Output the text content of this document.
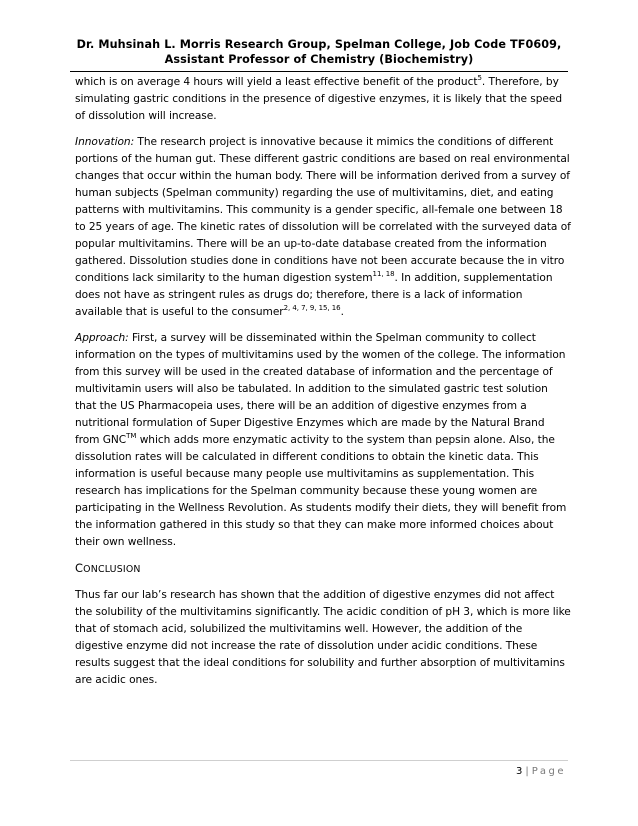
Dr. Muhsinah L. Morris Research Group, Spelman College, Job Code TF0609,
Assistant Professor of Chemistry (Biochemistry)

which is on average 4 hours will yield a least effective benefit of the product$^5$. Therefore, by simulating gastric conditions in the presence of digestive enzymes, it is likely that the speed of dissolution will increase.

Innovation: The research project is innovative because it mimics the conditions of different portions of the human gut. These different gastric conditions are based on real environmental changes that occur within the human body. There will be information derived from a survey of human subjects (Spelman community) regarding the use of multivitamins, diet, and eating patterns with multivitamins. This community is a gender specific, all-female one between 18 to 25 years of age. The kinetic rates of dissolution will be correlated with the surveyed data of popular multivitamins. There will be an up-to-date database created from the information gathered. Dissolution studies done in conditions have not been accurate because the in vitro conditions lack similarity to the human digestion system$^{11, 18}$. In addition, supplementation does not have as stringent rules as drugs do; therefore, there is a lack of information available that is useful to the consumer$^{2, 4, 7, 9, 15, 16}$.

Approach: First, a survey will be disseminated within the Spelman community to collect information on the types of multivitamins used by the women of the college. The information from this survey will be used in the created database of information and the percentage of multivitamin users will also be tabulated. In addition to the simulated gastric test solution that the US Pharmacopeia uses, there will be an addition of digestive enzymes from a nutritional formulation of Super Digestive Enzymes which are made by the Natural Brand from GNC™ which adds more enzymatic activity to the system than pepsin alone. Also, the dissolution rates will be calculated in different conditions to obtain the kinetic data. This information is useful because many people use multivitamins as supplementation. This research has implications for the Spelman community because these young women are participating in the Wellness Revolution. As students modify their diets, they will benefit from the information gathered in this study so that they can make more informed choices about their own wellness.

CONCLUSION

Thus far our lab’s research has shown that the addition of digestive enzymes did not affect the solubility of the multivitamins significantly. The acidic condition of pH 3, which is more like that of stomach acid, solubilized the multivitamins well. However, the addition of the digestive enzyme did not increase the rate of dissolution under acidic conditions. These results suggest that the ideal conditions for solubility and further absorption of multivitamins are acidic ones.

3 | Page
